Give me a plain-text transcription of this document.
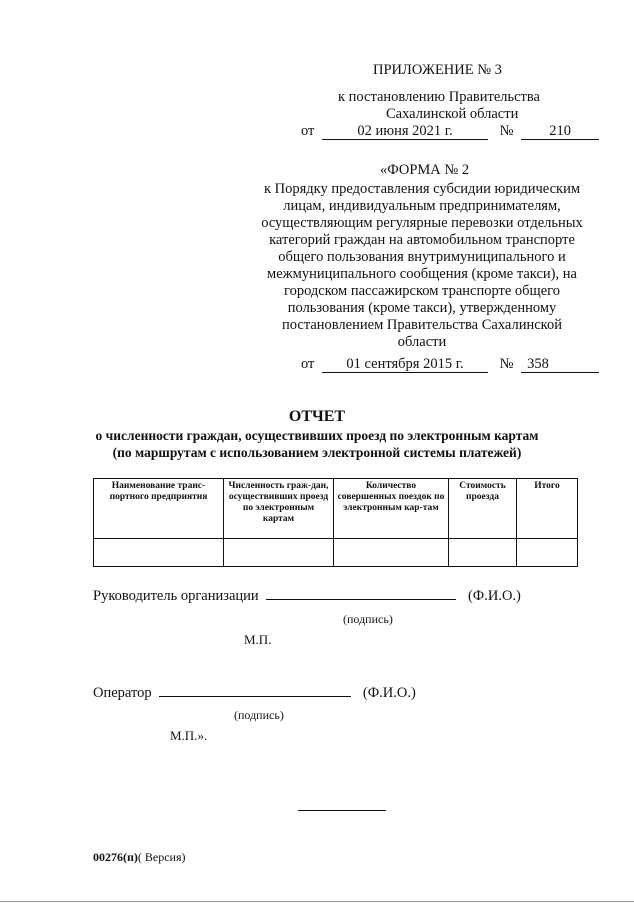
ПРИЛОЖЕНИЕ № 3
к постановлению Правительства
Сахалинской области
от	02 июня 2021 г.	№ 210
«ФОРМА № 2
к Порядку предоставления субсидии юридическим
лицам, индивидуальным предпринимателям,
осуществляющим регулярные перевозки отдельных
категорий граждан на автомобильном транспорте
общего пользования внутримуниципального и
межмуниципального сообщения (кроме такси), на
городском пассажирском транспорте общего
пользования (кроме такси), утвержденному
постановлением Правительства Сахалинской
области
от 01 сентября 2015 г. № 358
ОТЧЕТ
о численности граждан, осуществивших проезд по электронным картам
(по маршрутам с использованием электронной системы платежей)
Наименование транс-портного предприятия	Численность граж-дан, осуществивших проезд по электронным картам	Количество совершенных поездок по электронным кар-там	Стоимость проезда	Итого

Руководитель организации	(Ф.И.О.)
(подпись)
М.П.
Оператор	(Ф.И.О.)
(подпись)
М.П.».
00276(п)( Версия)
